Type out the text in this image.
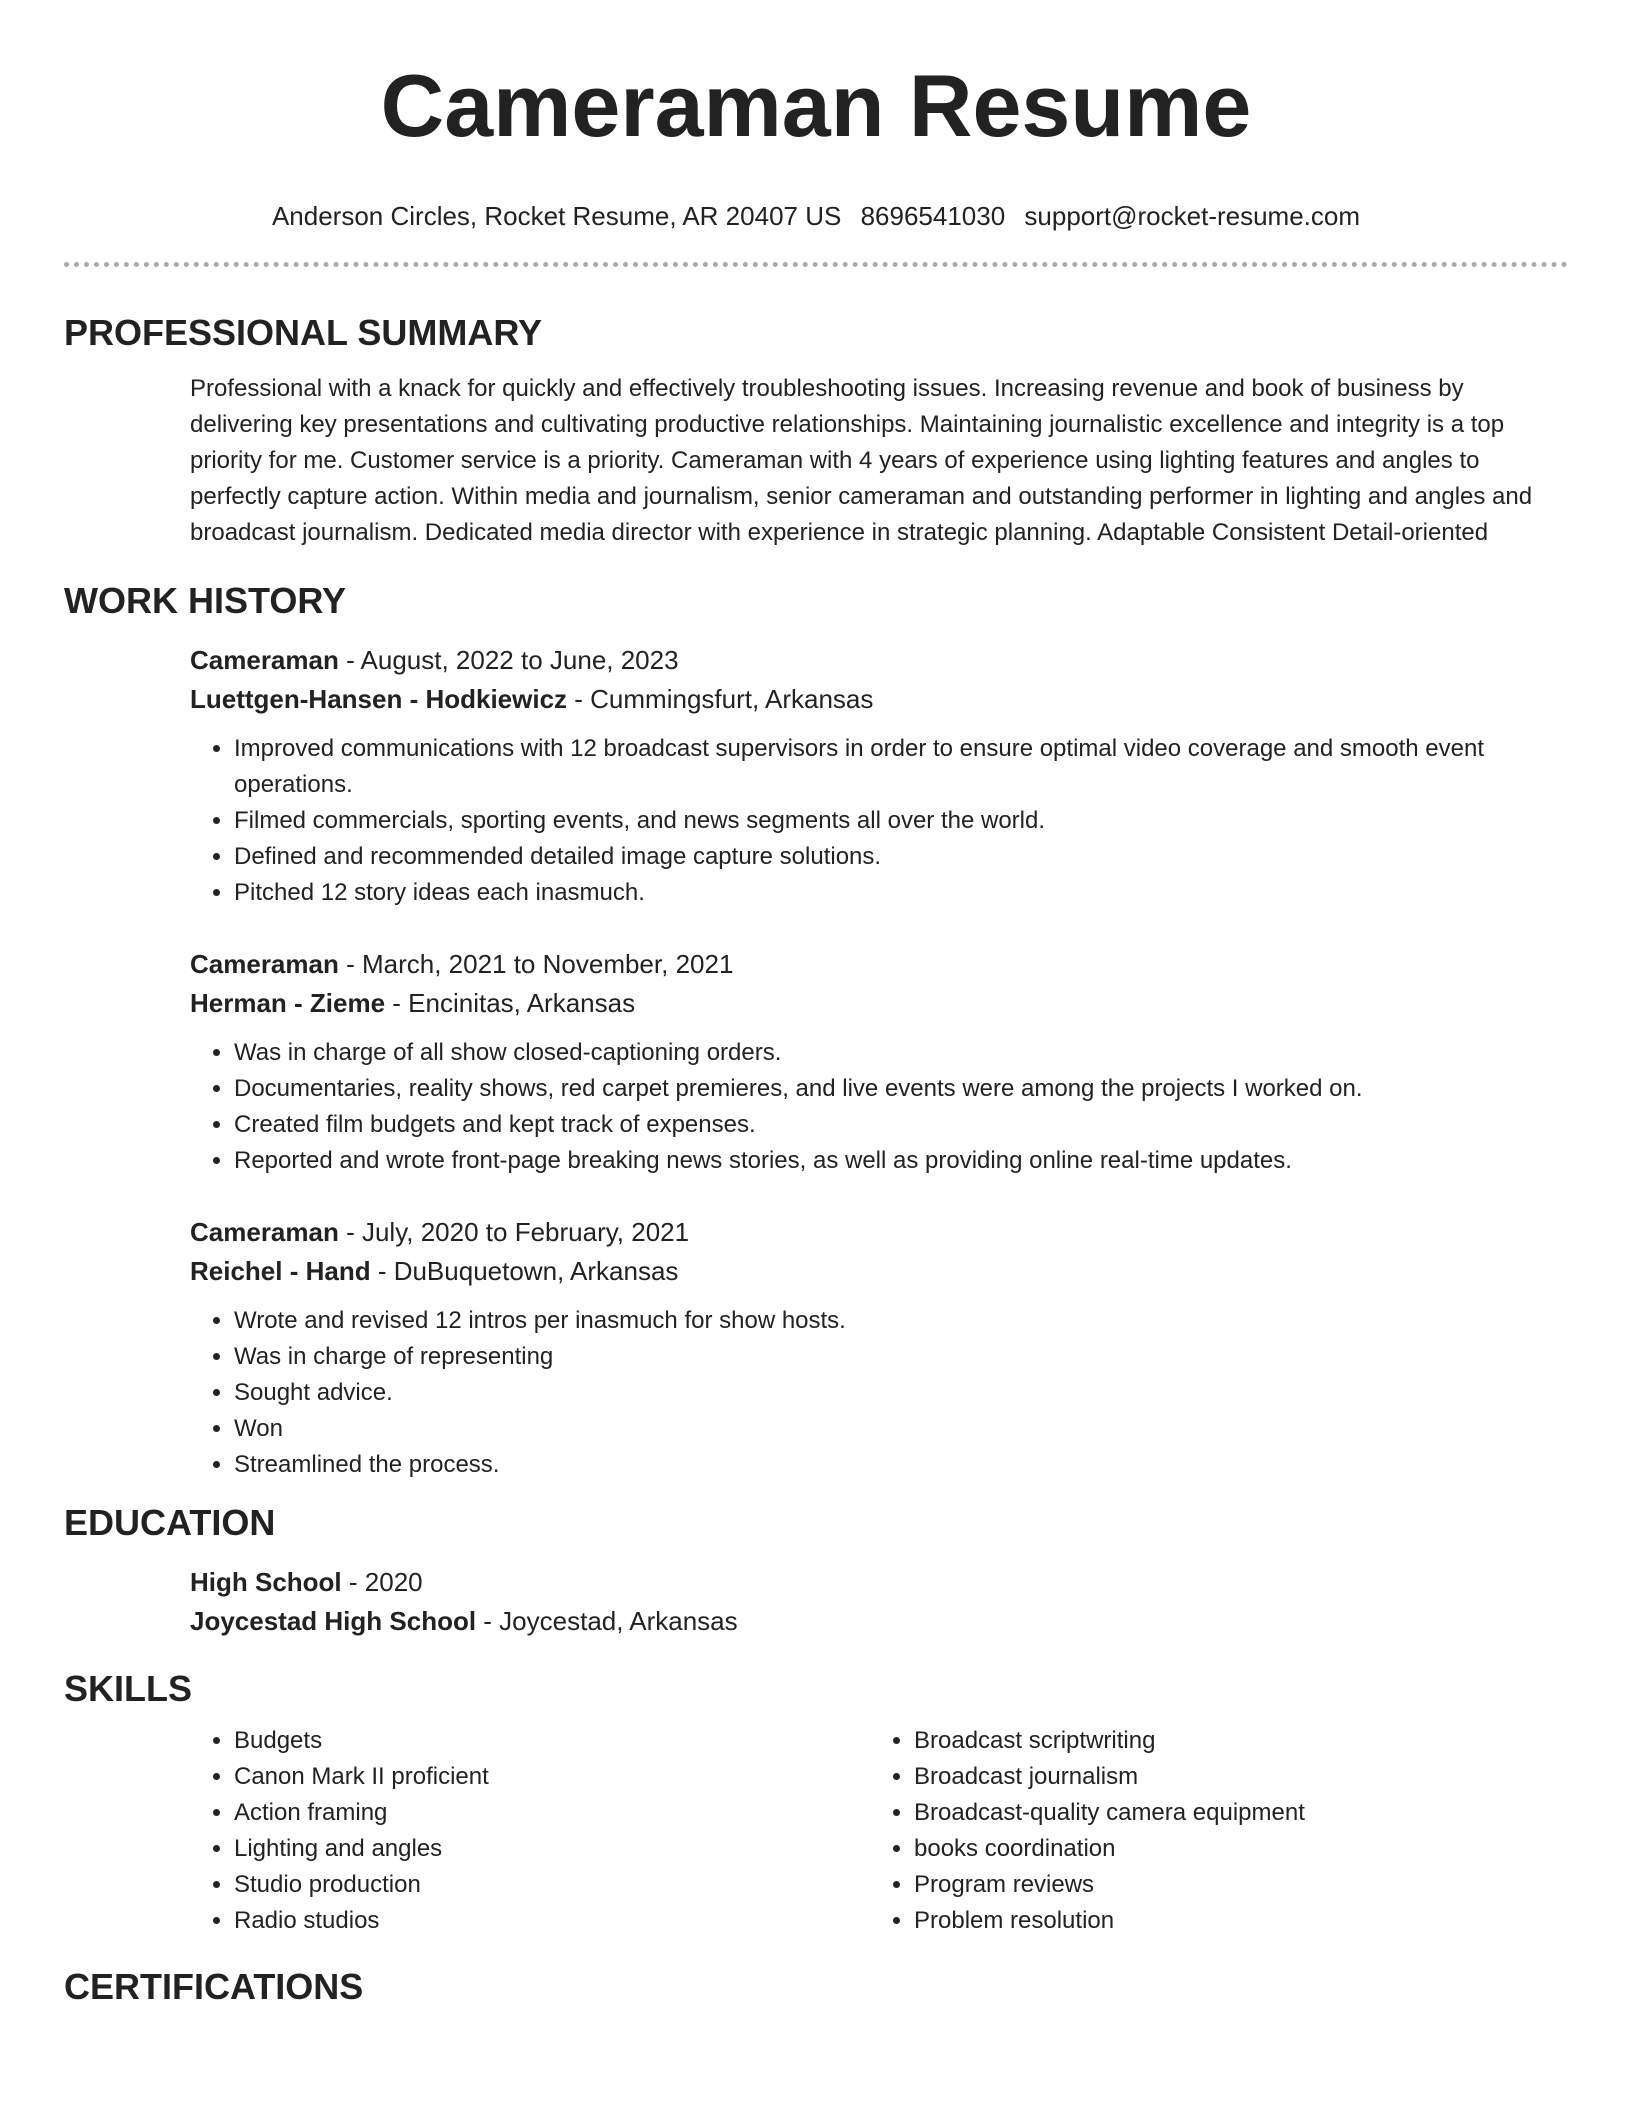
Cameraman Resume
Anderson Circles, Rocket Resume, AR 20407 US 8696541030 support@rocket-resume.com
PROFESSIONAL SUMMARY
Professional with a knack for quickly and effectively troubleshooting issues. Increasing revenue and book of business by delivering key presentations and cultivating productive relationships. Maintaining journalistic excellence and integrity is a top priority for me. Customer service is a priority. Cameraman with 4 years of experience using lighting features and angles to perfectly capture action. Within media and journalism, senior cameraman and outstanding performer in lighting and angles and broadcast journalism. Dedicated media director with experience in strategic planning. Adaptable Consistent Detail-oriented
WORK HISTORY
Cameraman - August, 2022 to June, 2023
Luettgen-Hansen - Hodkiewicz - Cummingsfurt, Arkansas
• Improved communications with 12 broadcast supervisors in order to ensure optimal video coverage and smooth event operations.
• Filmed commercials, sporting events, and news segments all over the world.
• Defined and recommended detailed image capture solutions.
• Pitched 12 story ideas each inasmuch.
Cameraman - March, 2021 to November, 2021
Herman - Zieme - Encinitas, Arkansas
• Was in charge of all show closed-captioning orders.
• Documentaries, reality shows, red carpet premieres, and live events were among the projects I worked on.
• Created film budgets and kept track of expenses.
• Reported and wrote front-page breaking news stories, as well as providing online real-time updates.
Cameraman - July, 2020 to February, 2021
Reichel - Hand - DuBuquetown, Arkansas
• Wrote and revised 12 intros per inasmuch for show hosts.
• Was in charge of representing
• Sought advice.
• Won
• Streamlined the process.
EDUCATION
High School - 2020
Joycestad High School - Joycestad, Arkansas
SKILLS
• Budgets
• Canon Mark II proficient
• Action framing
• Lighting and angles
• Studio production
• Radio studios
• Broadcast scriptwriting
• Broadcast journalism
• Broadcast-quality camera equipment
• books coordination
• Program reviews
• Problem resolution
CERTIFICATIONS
